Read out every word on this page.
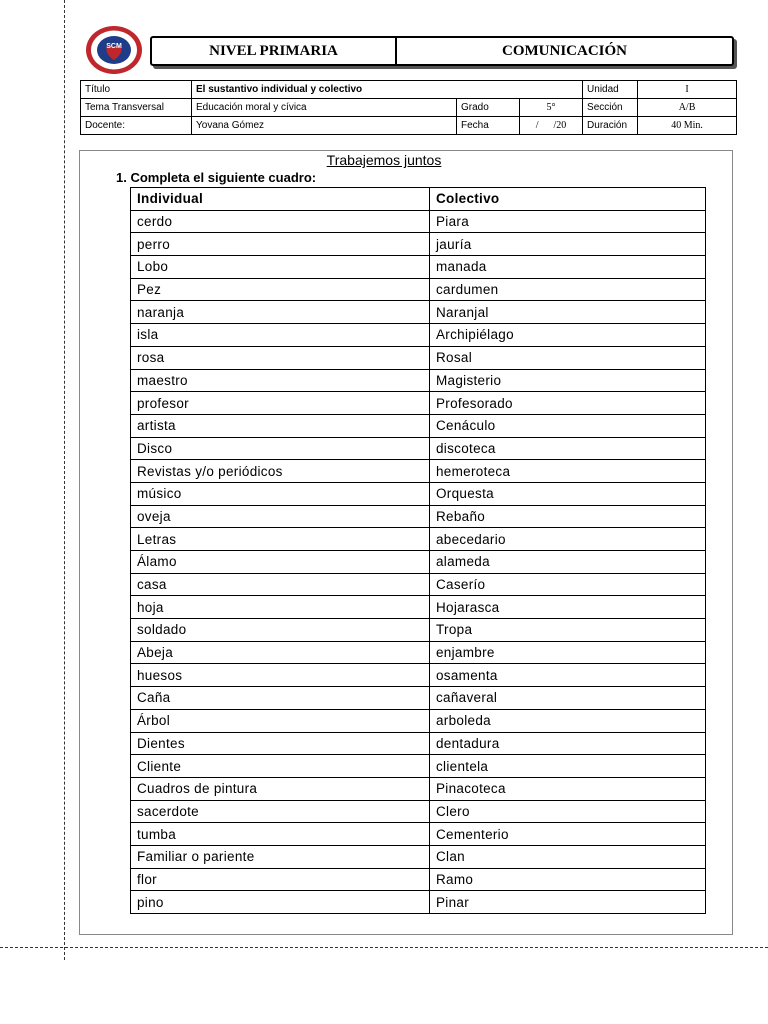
SCM	NIVEL PRIMARIA	COMUNICACIÓN
Título	El sustantivo individual y colectivo			Unidad	I
Tema Transversal	Educación moral y cívica	Grado	5°	Sección	A/B
Docente:	Yovana Gómez	Fecha	/      /20	Duración	40 Min.
Trabajemos juntos
1. Completa el siguiente cuadro:
Individual	Colectivo
cerdo	Piara
perro	jauría
Lobo	manada
Pez	cardumen
naranja	Naranjal
isla	Archipiélago
rosa	Rosal
maestro	Magisterio
profesor	Profesorado
artista	Cenáculo
Disco	discoteca
Revistas y/o periódicos	hemeroteca
músico	Orquesta
oveja	Rebaño
Letras	abecedario
Álamo	alameda
casa	Caserío
hoja	Hojarasca
soldado	Tropa
Abeja	enjambre
huesos	osamenta
Caña	cañaveral
Árbol	arboleda
Dientes	dentadura
Cliente	clientela
Cuadros de pintura	Pinacoteca
sacerdote	Clero
tumba	Cementerio
Familiar o pariente	Clan
flor	Ramo
pino	Pinar
